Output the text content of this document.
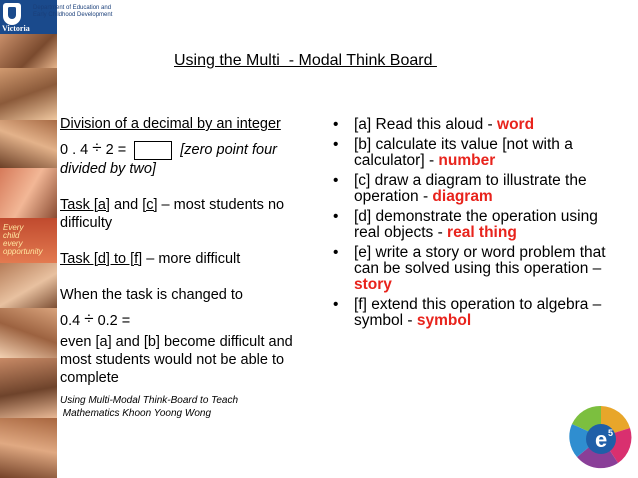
Victoria
Every
child
every
opportunity
Department of Education and
Early Childhood Development
Using the Multi  - Modal Think Board
Division of a decimal by an integer
0 . 4 ÷ 2 =	[zero point four divided by two]
Task [a] and [c] – most students no difficulty
Task [d] to [f] – more difficult
When the task is changed to
0.4 ÷ 0.2 =
even [a] and [b] become difficult and most students would not be able to complete
Using Multi-Modal Think-Board to Teach
Mathematics Khoon Yoong Wong
• [a] Read this aloud - word
• [b] calculate its value [not with a calculator] - number
• [c] draw a diagram to illustrate the operation - diagram
• [d] demonstrate the operation using real objects - real thing
• [e] write a story or word problem that can be solved using this operation – story
• [f] extend this operation to algebra – symbol - symbol
e 5
